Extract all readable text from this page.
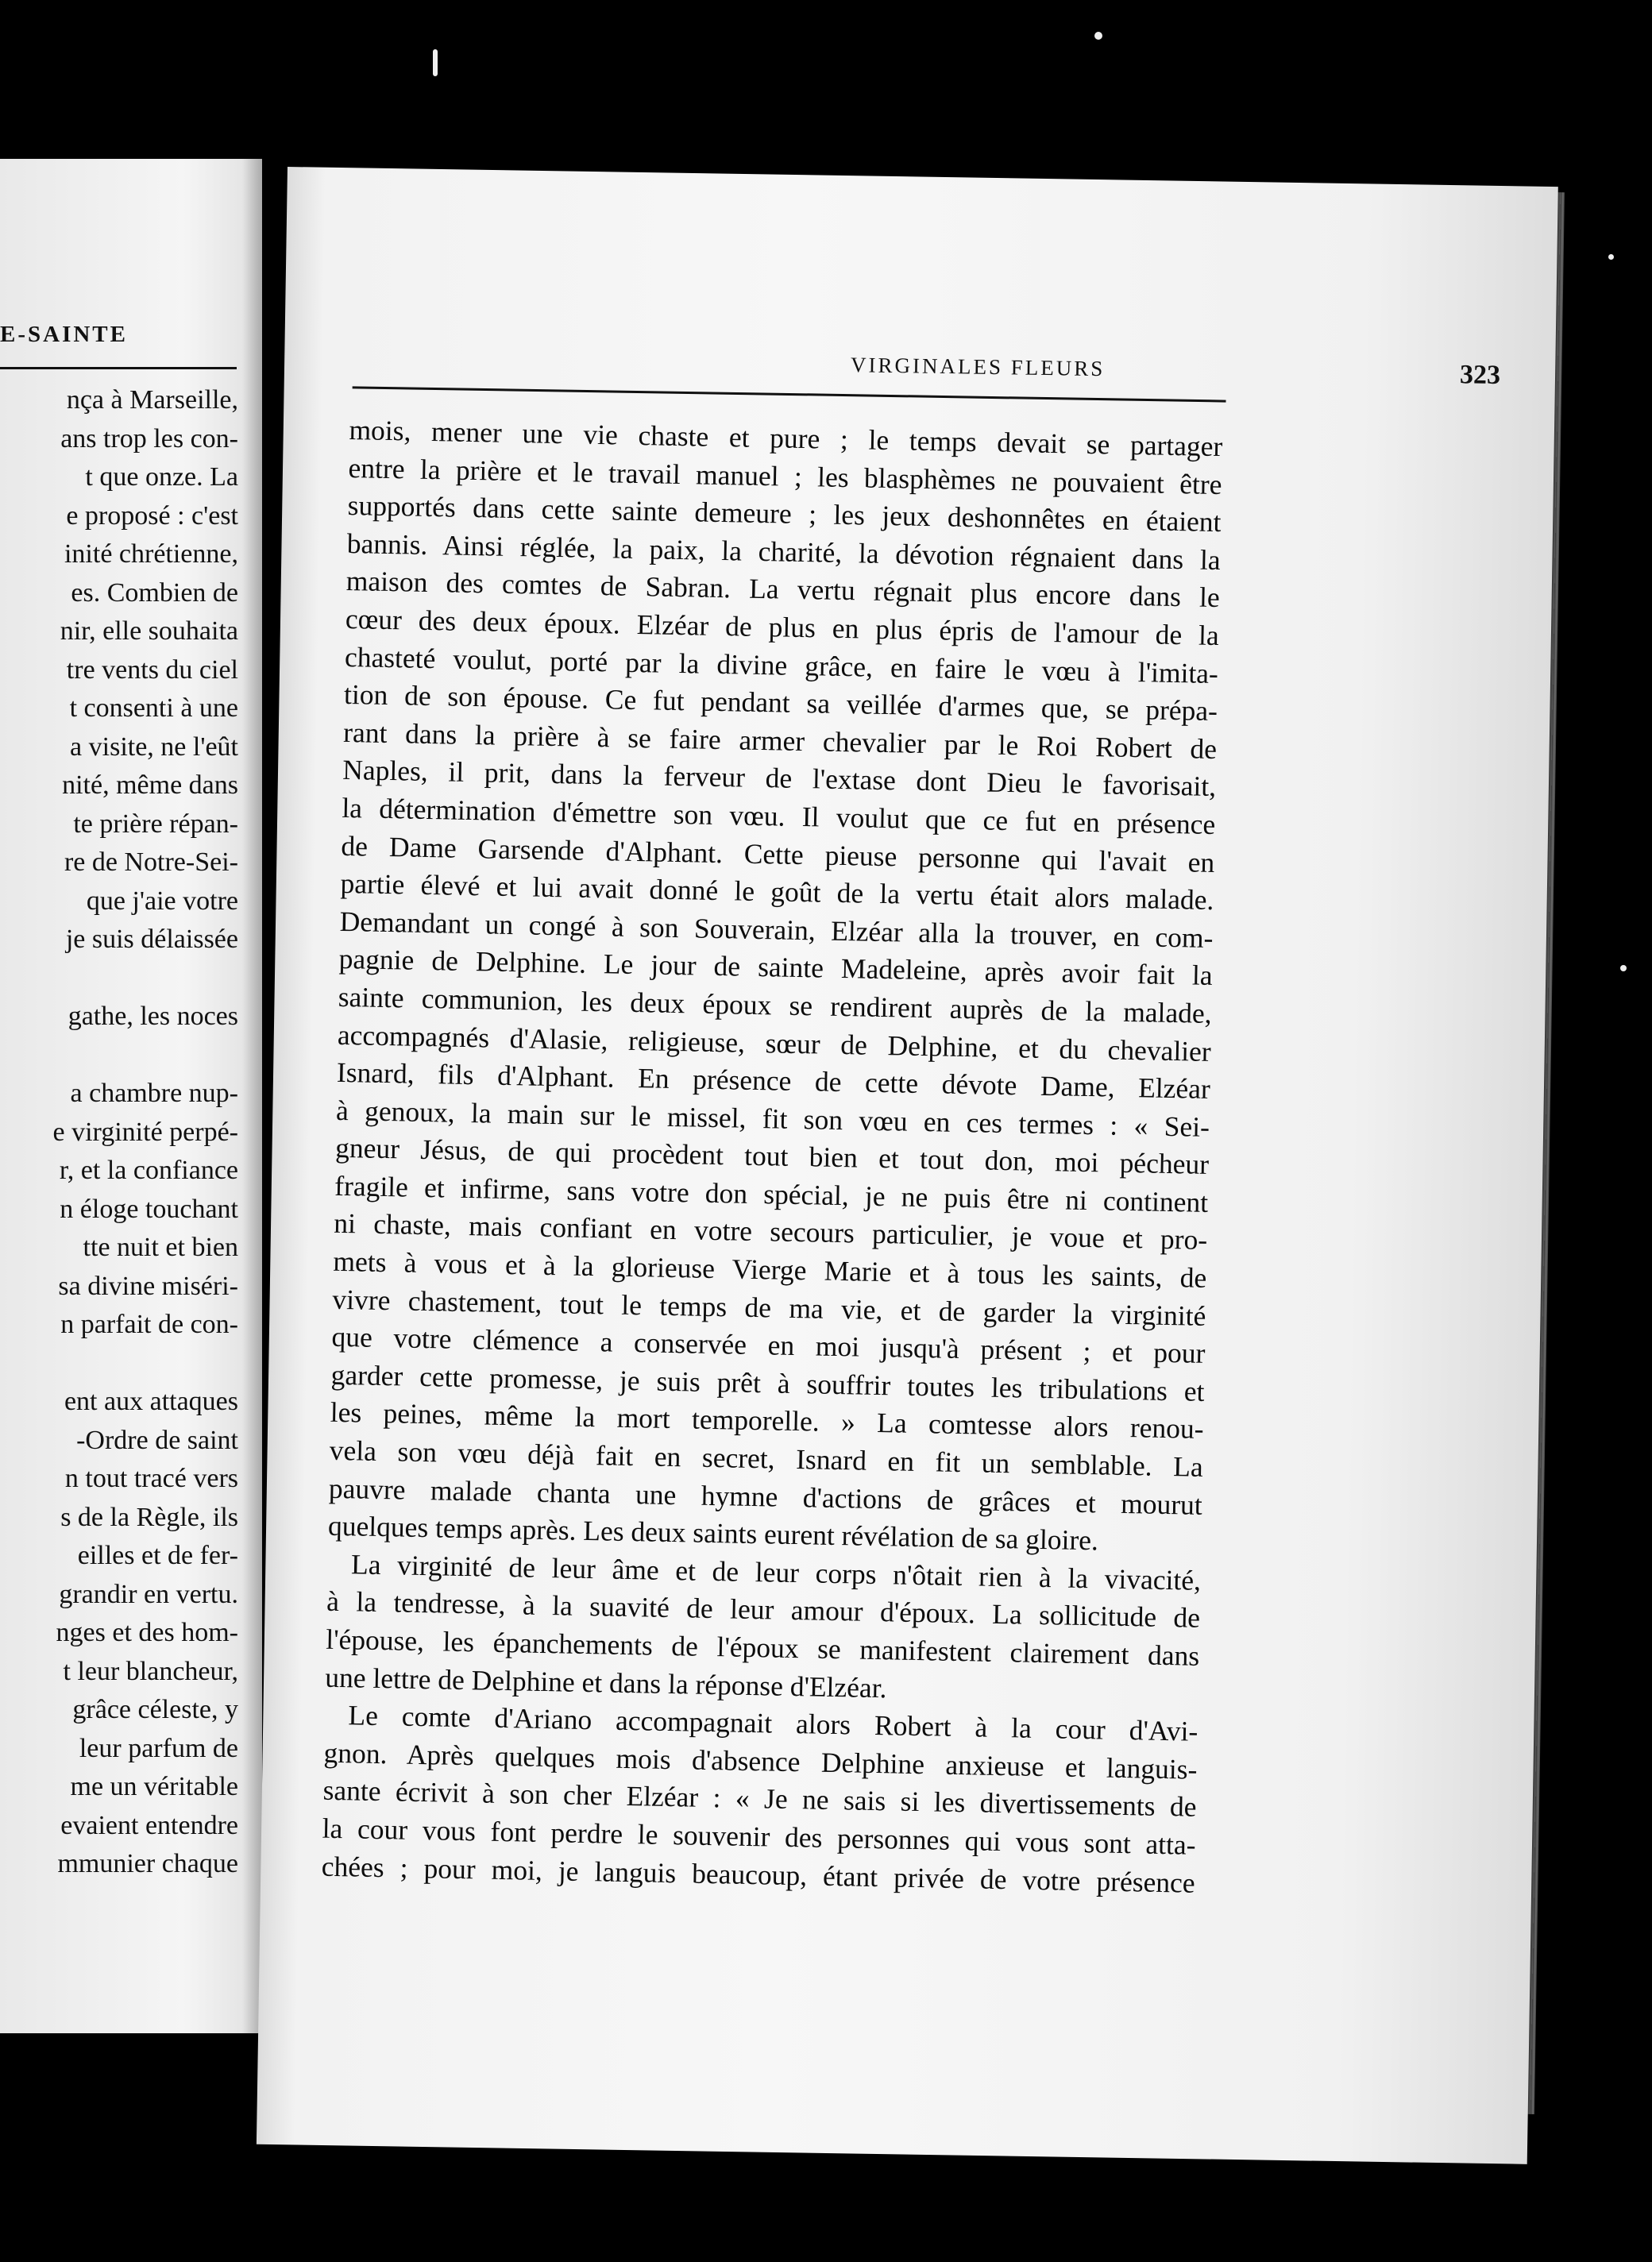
E-SAINTE
nça à Marseille,
ans trop les con-
t que onze. La
e proposé : c'est
inité chrétienne,
es. Combien de
nir, elle souhaita
tre vents du ciel
t consenti à une
a visite, ne l'eût
nité, même dans
te prière répan-
re de Notre-Sei-
que j'aie votre
je suis délaissée
gathe, les noces
a chambre nup-
e virginité perpé-
r, et la confiance
n éloge touchant
tte nuit et bien
sa divine miséri-
n parfait de con-
ent aux attaques
-Ordre de saint
n tout tracé vers
s de la Règle, ils
eilles et de fer-
grandir en vertu.
nges et des hom-
t leur blancheur,
grâce céleste, y
leur parfum de
me un véritable
evaient entendre
mmunier chaque
VIRGINALES FLEURS	323
mois, mener une vie chaste et pure ; le temps devait se partager
entre la prière et le travail manuel ; les blasphèmes ne pouvaient être
supportés dans cette sainte demeure ; les jeux deshonnêtes en étaient
bannis. Ainsi réglée, la paix, la charité, la dévotion régnaient dans la
maison des comtes de Sabran. La vertu régnait plus encore dans le
cœur des deux époux. Elzéar de plus en plus épris de l'amour de la
chasteté voulut, porté par la divine grâce, en faire le vœu à l'imita-
tion de son épouse. Ce fut pendant sa veillée d'armes que, se prépa-
rant dans la prière à se faire armer chevalier par le Roi Robert de
Naples, il prit, dans la ferveur de l'extase dont Dieu le favorisait,
la détermination d'émettre son vœu. Il voulut que ce fut en présence
de Dame Garsende d'Alphant. Cette pieuse personne qui l'avait en
partie élevé et lui avait donné le goût de la vertu était alors malade.
Demandant un congé à son Souverain, Elzéar alla la trouver, en com-
pagnie de Delphine. Le jour de sainte Madeleine, après avoir fait la
sainte communion, les deux époux se rendirent auprès de la malade,
accompagnés d'Alasie, religieuse, sœur de Delphine, et du chevalier
Isnard, fils d'Alphant. En présence de cette dévote Dame, Elzéar
à genoux, la main sur le missel, fit son vœu en ces termes : « Sei-
gneur Jésus, de qui procèdent tout bien et tout don, moi pécheur
fragile et infirme, sans votre don spécial, je ne puis être ni continent
ni chaste, mais confiant en votre secours particulier, je voue et pro-
mets à vous et à la glorieuse Vierge Marie et à tous les saints, de
vivre chastement, tout le temps de ma vie, et de garder la virginité
que votre clémence a conservée en moi jusqu'à présent ; et pour
garder cette promesse, je suis prêt à souffrir toutes les tribulations et
les peines, même la mort temporelle. » La comtesse alors renou-
vela son vœu déjà fait en secret, Isnard en fit un semblable. La
pauvre malade chanta une hymne d'actions de grâces et mourut
quelques temps après. Les deux saints eurent révélation de sa gloire.
La virginité de leur âme et de leur corps n'ôtait rien à la vivacité,
à la tendresse, à la suavité de leur amour d'époux. La sollicitude de
l'épouse, les épanchements de l'époux se manifestent clairement dans
une lettre de Delphine et dans la réponse d'Elzéar.
Le comte d'Ariano accompagnait alors Robert à la cour d'Avi-
gnon. Après quelques mois d'absence Delphine anxieuse et languis-
sante écrivit à son cher Elzéar : « Je ne sais si les divertissements de
la cour vous font perdre le souvenir des personnes qui vous sont atta-
chées ; pour moi, je languis beaucoup, étant privée de votre présence
